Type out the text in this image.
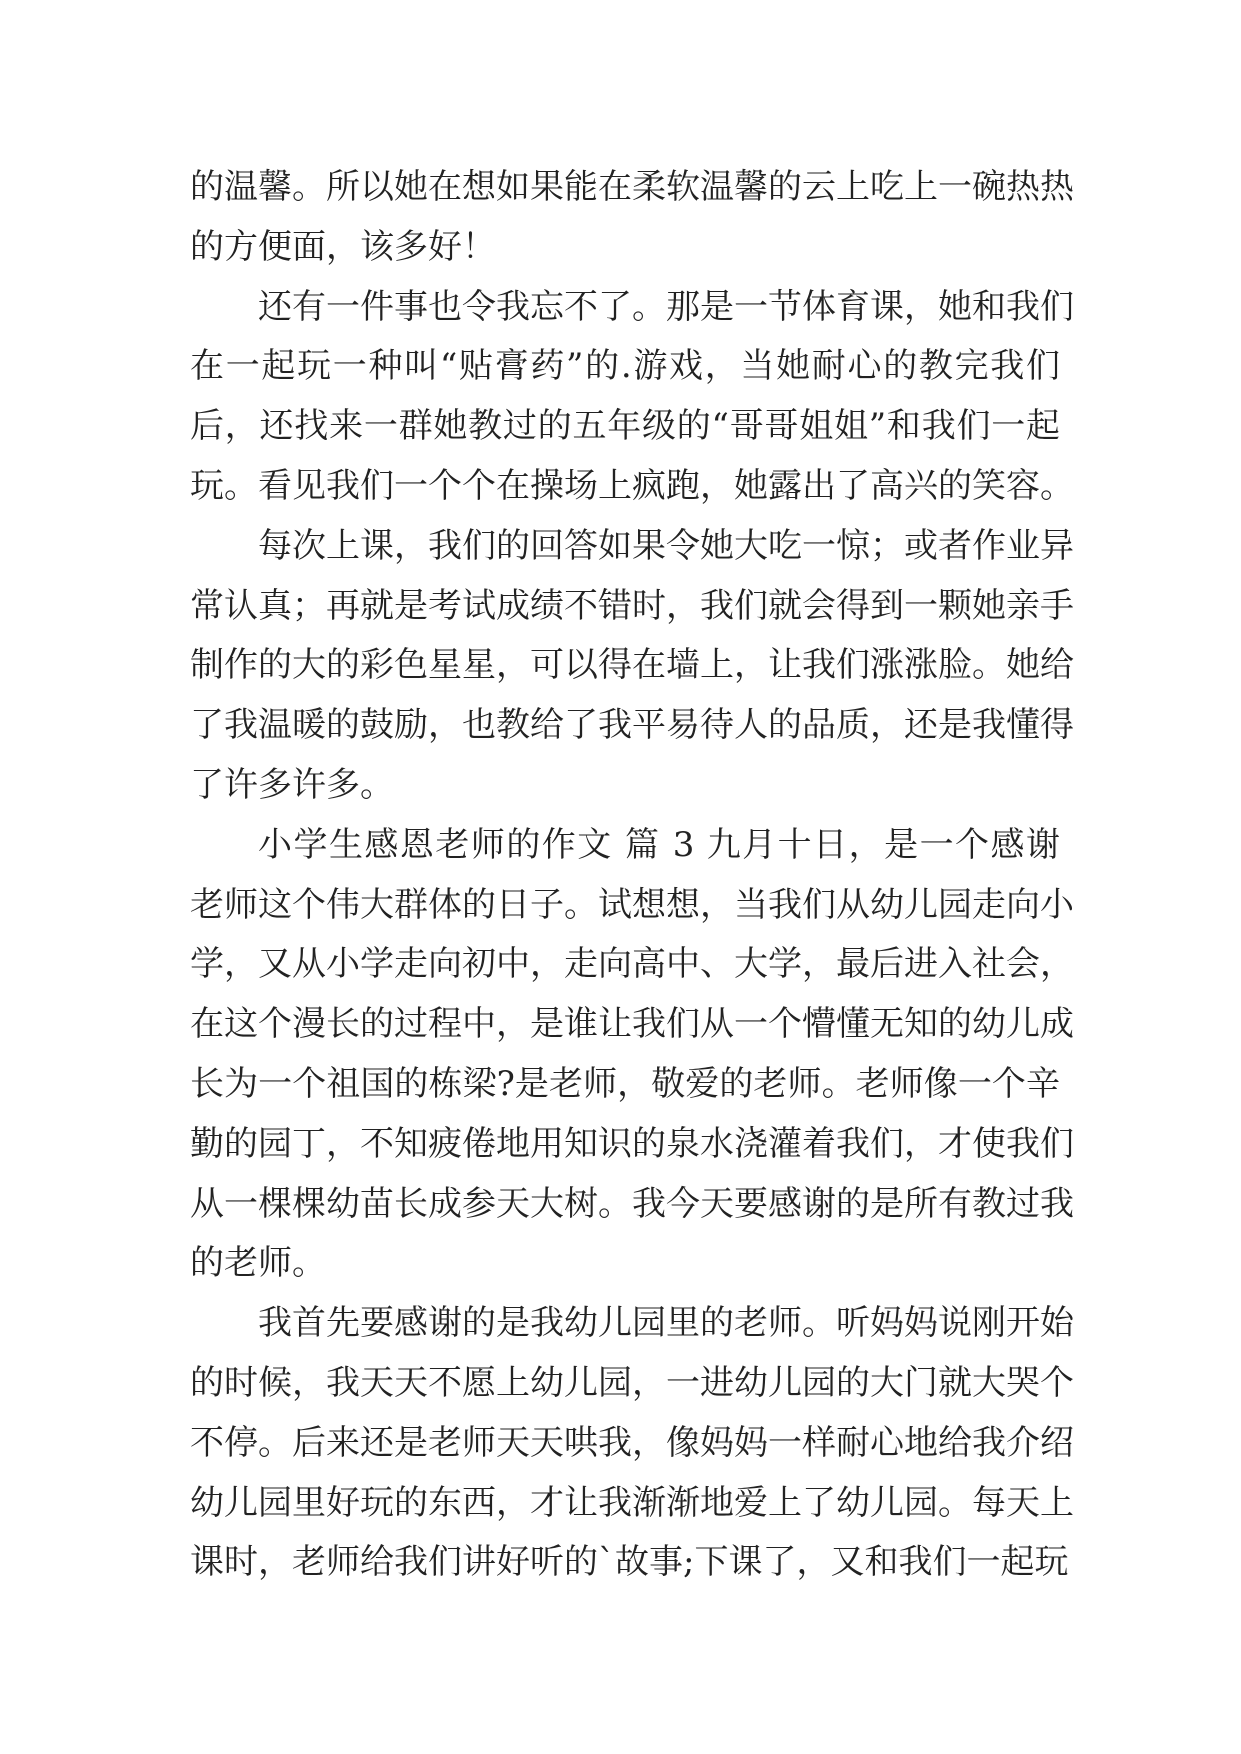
的温馨。所以她在想如果能在柔软温馨的云上吃上一碗热热
的方便面，该多好！
还有一件事也令我忘不了。那是一节体育课，她和我们
在一起玩一种叫“贴膏药”的.游戏，当她耐心的教完我们
后，还找来一群她教过的五年级的“哥哥姐姐”和我们一起
玩。看见我们一个个在操场上疯跑，她露出了高兴的笑容。
每次上课，我们的回答如果令她大吃一惊；或者作业异
常认真；再就是考试成绩不错时，我们就会得到一颗她亲手
制作的大的彩色星星，可以得在墙上，让我们涨涨脸。她给
了我温暖的鼓励，也教给了我平易待人的品质，还是我懂得
了许多许多。
小学生感恩老师的作文 篇 3 九月十日，是一个感谢
老师这个伟大群体的日子。试想想，当我们从幼儿园走向小
学，又从小学走向初中，走向高中、大学，最后进入社会，
在这个漫长的过程中，是谁让我们从一个懵懂无知的幼儿成
长为一个祖国的栋梁?是老师，敬爱的老师。老师像一个辛
勤的园丁，不知疲倦地用知识的泉水浇灌着我们，才使我们
从一棵棵幼苗长成参天大树。我今天要感谢的是所有教过我
的老师。
我首先要感谢的是我幼儿园里的老师。听妈妈说刚开始
的时候，我天天不愿上幼儿园，一进幼儿园的大门就大哭个
不停。后来还是老师天天哄我，像妈妈一样耐心地给我介绍
幼儿园里好玩的东西，才让我渐渐地爱上了幼儿园。每天上
课时，老师给我们讲好听的`故事;下课了，又和我们一起玩
